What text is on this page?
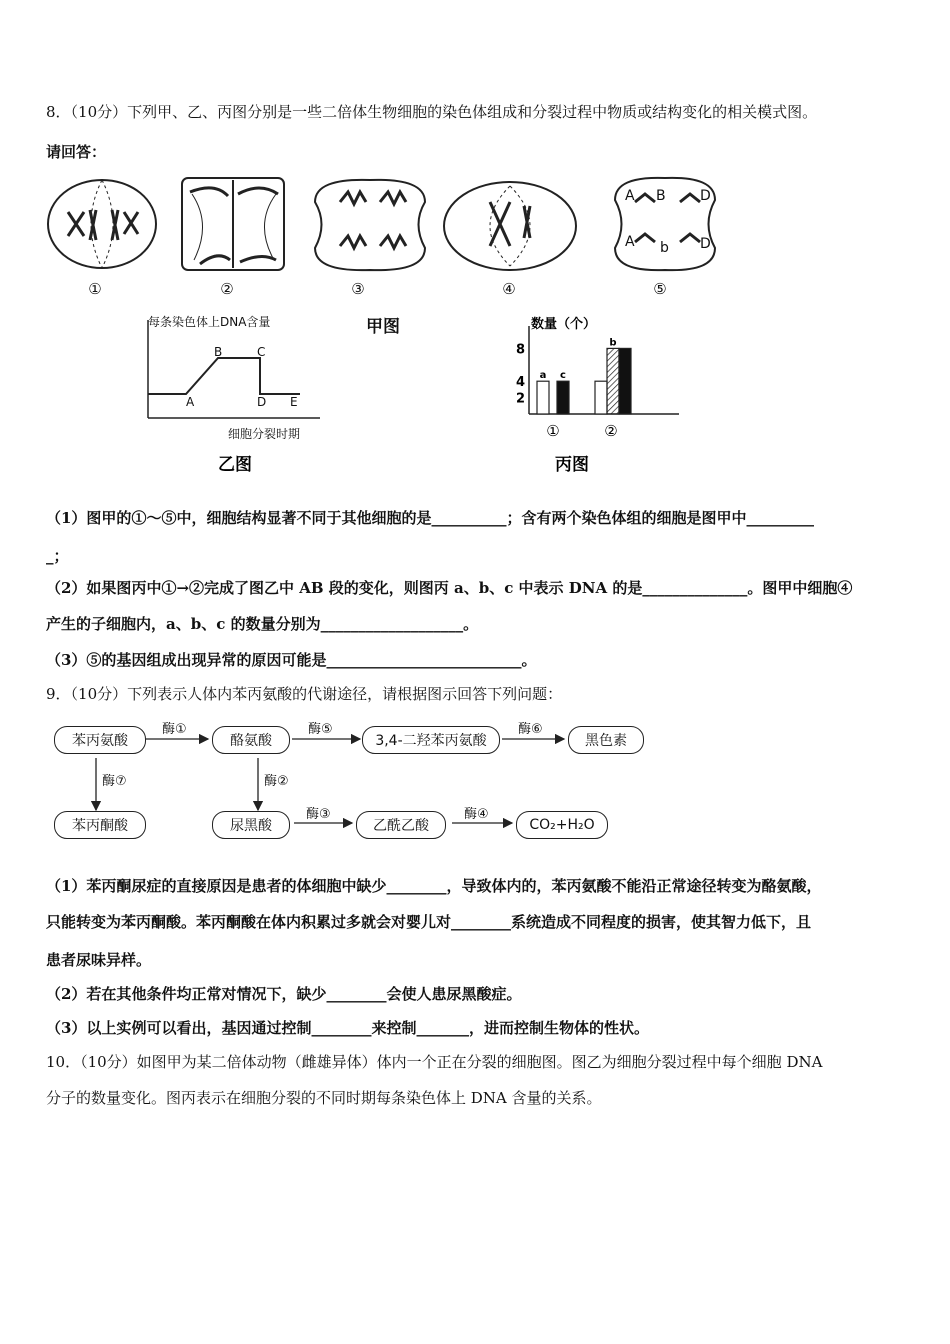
8．（10分）下列甲、乙、丙图分别是一些二倍体生物细胞的染色体组成和分裂过程中物质或结构变化的相关模式图。
请回答：
A B D
A b D
①	②	③	④	⑤
甲图
每条染色体上DNA含量
A
B	C
D E
细胞分裂时期
乙图
数量（个）
2
4
8
a c
①
b
②
丙图
（1）图甲的①～⑤中，细胞结构显著不同于其他细胞的是__________；含有两个染色体组的细胞是图甲中_________
_；
（2）如果图丙中①→②完成了图乙中 AB 段的变化，则图丙 a、b、c 中表示 DNA 的是______________。图甲中细胞④
产生的子细胞内，a、b、c 的数量分别为___________________。
（3）⑤的基因组成出现异常的原因可能是__________________________。
9．（10分）下列表示人体内苯丙氨酸的代谢途径，请根据图示回答下列问题：
苯丙氨酸	酪氨酸	3,4-二羟苯丙氨酸	黑色素
苯丙酮酸	尿黑酸	乙酰乙酸	CO₂+H₂O
酶①	酶⑤	酶⑥
酶⑦	酶②
酶③	酶④
（1）苯丙酮尿症的直接原因是患者的体细胞中缺少________，导致体内的，苯丙氨酸不能沿正常途径转变为酪氨酸，
只能转变为苯丙酮酸。苯丙酮酸在体内积累过多就会对婴儿对________系统造成不同程度的损害，使其智力低下，且
患者尿味异样。
（2）若在其他条件均正常对情况下，缺少________会使人患尿黑酸症。
（3）以上实例可以看出，基因通过控制________来控制_______，进而控制生物体的性状。
10．（10分）如图甲为某二倍体动物（雌雄异体）体内一个正在分裂的细胞图。图乙为细胞分裂过程中每个细胞 DNA
分子的数量变化。图丙表示在细胞分裂的不同时期每条染色体上 DNA 含量的关系。
